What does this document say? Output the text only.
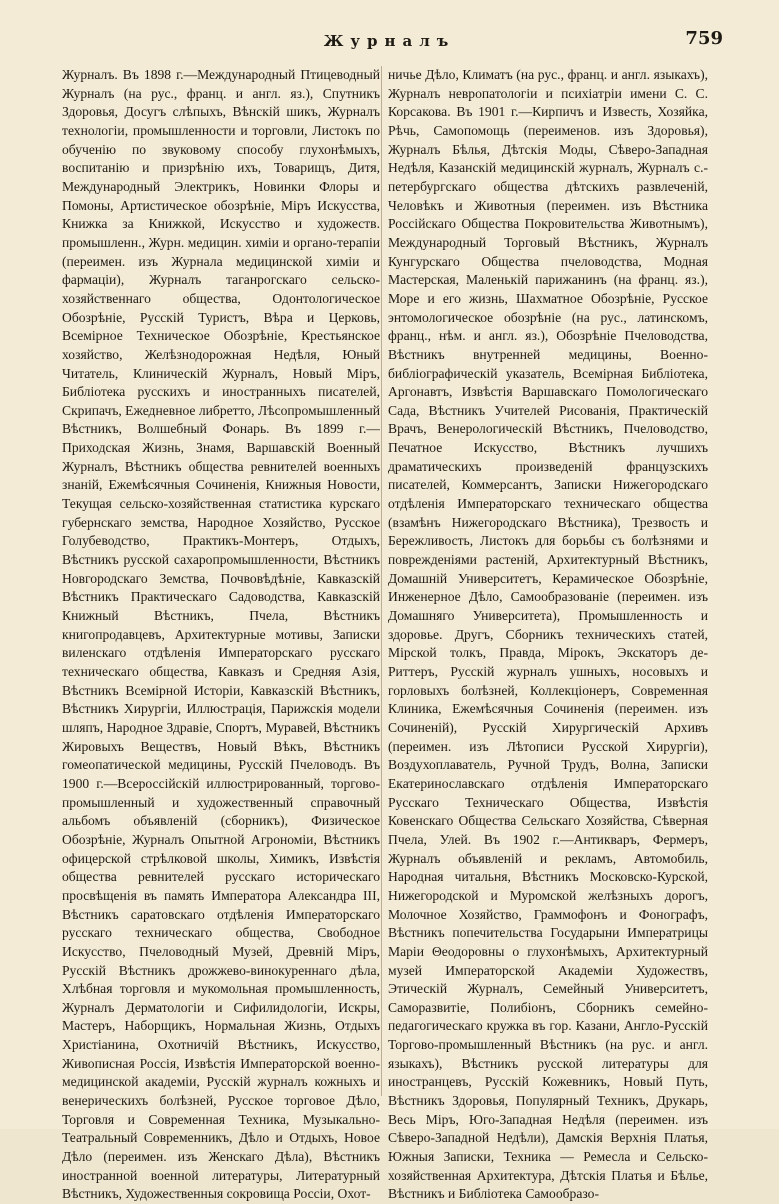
Журналъ	759

Журналъ. Въ 1898 г.—Международный Птицеводный Журналъ (на рус., франц. и англ. яз.), Спутникъ Здоровья, Досугъ слѣпыхъ, Вѣнскій шикъ, Журналъ технологіи, промышленности и торговли, Листокъ по обученію по звуковому способу глухонѣмыхъ, воспитанію и призрѣнію ихъ, Товарищъ, Дитя, Международный Электрикъ, Новинки Флоры и Помоны, Артистическое обозрѣніе, Міръ Искусства, Книжка за Книжкой, Искусство и художеств. промышленн., Журн. медицин. химіи и органо-терапіи (переимен. изъ Журнала медицинской химіи и фармаціи), Журналъ таганрогскаго сельско-хозяйственнаго общества, Одонтологическое Обозрѣніе, Русскій Туристъ, Вѣра и Церковь, Всемірное Техническое Обозрѣніе, Крестьянское хозяйство, Желѣзнодорожная Недѣля, Юный Читатель, Клиническій Журналъ, Новый Міръ, Библіотека русскихъ и иностранныхъ писателей, Скрипачъ, Ежедневное либретто, Лѣсопромышленный Вѣстникъ, Волшебный Фонарь. Въ 1899 г.—Приходская Жизнь, Знамя, Варшавскій Военный Журналъ, Вѣстникъ общества ревнителей военныхъ знаній, Ежемѣсячныя Сочиненія, Книжныя Новости, Текущая сельско-хозяйственная статистика курскаго губернскаго земства, Народное Хозяйство, Русское Голубеводство, Практикъ-Монтеръ, Отдыхъ, Вѣстникъ русской сахаропромышленности, Вѣстникъ Новгородскаго Земства, Почвовѣдѣніе, Кавказскій Вѣстникъ Практическаго Садоводства, Кавказскій Книжный Вѣстникъ, Пчела, Вѣстникъ книгопродавцевъ, Архитектурные мотивы, Записки виленскаго отдѣленія Императорскаго русскаго техническаго общества, Кавказъ и Средняя Азія, Вѣстникъ Всемірной Исторіи, Кавказскій Вѣстникъ, Вѣстникъ Хирургіи, Иллюстрація, Парижскія модели шляпъ, Народное Здравіе, Спортъ, Муравей, Вѣстникъ Жировыхъ Веществъ, Новый Вѣкъ, Вѣстникъ гомеопатической медицины, Русскій Пчеловодъ. Въ 1900 г.—Всероссійскій иллюстрированный, торгово-промышленный и художественный справочный альбомъ объявленій (сборникъ), Физическое Обозрѣніе, Журналъ Опытной Агрономіи, Вѣстникъ офицерской стрѣлковой школы, Химикъ, Извѣстія общества ревнителей русскаго историческаго просвѣщенія въ память Императора Александра III, Вѣстникъ саратовскаго отдѣленія Императорскаго русскаго техническаго общества, Свободное Искусство, Пчеловодный Музей, Древній Міръ, Русскій Вѣстникъ дрожжево-винокуреннаго дѣла, Хлѣбная торговля и мукомольная промышленность, Журналъ Дерматологіи и Сифилидологіи, Искры, Мастеръ, Наборщикъ, Нормальная Жизнь, Отдыхъ Христіанина, Охотничій Вѣстникъ, Искусство, Живописная Россія, Извѣстія Императорской военно-медицинской академіи, Русскій журналъ кожныхъ и венерическихъ болѣзней, Русское торговое Дѣло, Торговля и Современная Техника, Музыкально-Театральный Современникъ, Дѣло и Отдыхъ, Новое Дѣло (переимен. изъ Женскаго Дѣла), Вѣстникъ иностранной военной литературы, Литературный Вѣстникъ, Художественныя сокровища Россіи, Охот-

ничье Дѣло, Климатъ (на рус., франц. и англ. языкахъ), Журналъ невропатологіи и психіатріи имени С. С. Корсакова. Въ 1901 г.—Кирпичъ и Известь, Хозяйка, Рѣчь, Самопомощь (переименов. изъ Здоровья), Журналъ Бѣлья, Дѣтскія Моды, Сѣверо-Западная Недѣля, Казанскій медицинскій журналъ, Журналъ с.-петербургскаго общества дѣтскихъ развлеченій, Человѣкъ и Животныя (переимен. изъ Вѣстника Россійскаго Общества Покровительства Животнымъ), Международный Торговый Вѣстникъ, Журналъ Кунгурскаго Общества пчеловодства, Модная Мастерская, Маленькій парижанинъ (на франц. яз.), Море и его жизнь, Шахматное Обозрѣніе, Русское энтомологическое обозрѣніе (на рус., латинскомъ, франц., нѣм. и англ. яз.), Обозрѣніе Пчеловодства, Вѣстникъ внутренней медицины, Военно-библіографическій указатель, Всемірная Библіотека, Аргонавтъ, Извѣстія Варшавскаго Помологическаго Сада, Вѣстникъ Учителей Рисованія, Практическій Врачъ, Венерологическій Вѣстникъ, Пчеловодство, Печатное Искусство, Вѣстникъ лучшихъ драматическихъ произведеній французскихъ писателей, Коммерсантъ, Записки Нижегородскаго отдѣленія Императорскаго техническаго общества (взамѣнъ Нижегородскаго Вѣстника), Трезвость и Бережливость, Листокъ для борьбы съ болѣзнями и поврежденіями растеній, Архитектурный Вѣстникъ, Домашній Университетъ, Керамическое Обозрѣніе, Инженерное Дѣло, Самообразованіе (переимен. изъ Домашняго Университета), Промышленность и здоровье. Другъ, Сборникъ техническихъ статей, Мірской толкъ, Правда, Мірокъ, Экскаторъ де-Риттеръ, Русскій журналъ ушныхъ, носовыхъ и горловыхъ болѣзней, Коллекціонеръ, Современная Клиника, Ежемѣсячныя Сочиненія (переимен. изъ Сочиненій), Русскій Хирургическій Архивъ (переимен. изъ Лѣтописи Русской Хирургіи), Воздухоплаватель, Ручной Трудъ, Волна, Записки Екатеринославскаго отдѣленія Императорскаго Русскаго Техническаго Общества, Извѣстія Ковенскаго Общества Сельскаго Хозяйства, Сѣверная Пчела, Улей. Въ 1902 г.—Антикваръ, Фермеръ, Журналъ объявленій и рекламъ, Автомобиль, Народная читальня, Вѣстникъ Московско-Курской, Нижегородской и Муромской желѣзныхъ дорогъ, Молочное Хозяйство, Граммофонъ и Фонографъ, Вѣстникъ попечительства Государыни Императрицы Маріи Θеодоровны о глухонѣмыхъ, Архитектурный музей Императорской Академіи Художествъ, Этическій Журналъ, Семейный Университетъ, Саморазвитіе, Полибіонъ, Сборникъ семейно-педагогическаго кружка въ гор. Казани, Англо-Русскій Торгово-промышленный Вѣстникъ (на рус. и англ. языкахъ), Вѣстникъ русской литературы для иностранцевъ, Русскій Кожевникъ, Новый Путь, Вѣстникъ Здоровья, Популярный Техникъ, Друкарь, Весь Міръ, Юго-Западная Недѣля (переимен. изъ Сѣверо-Западной Недѣли), Дамскія Верхнія Платья, Южныя Записки, Техника — Ремесла и Сельско-хозяйственная Архитектура, Дѣтскія Платья и Бѣлье, Вѣстникъ и Библіотека Самообразо-
